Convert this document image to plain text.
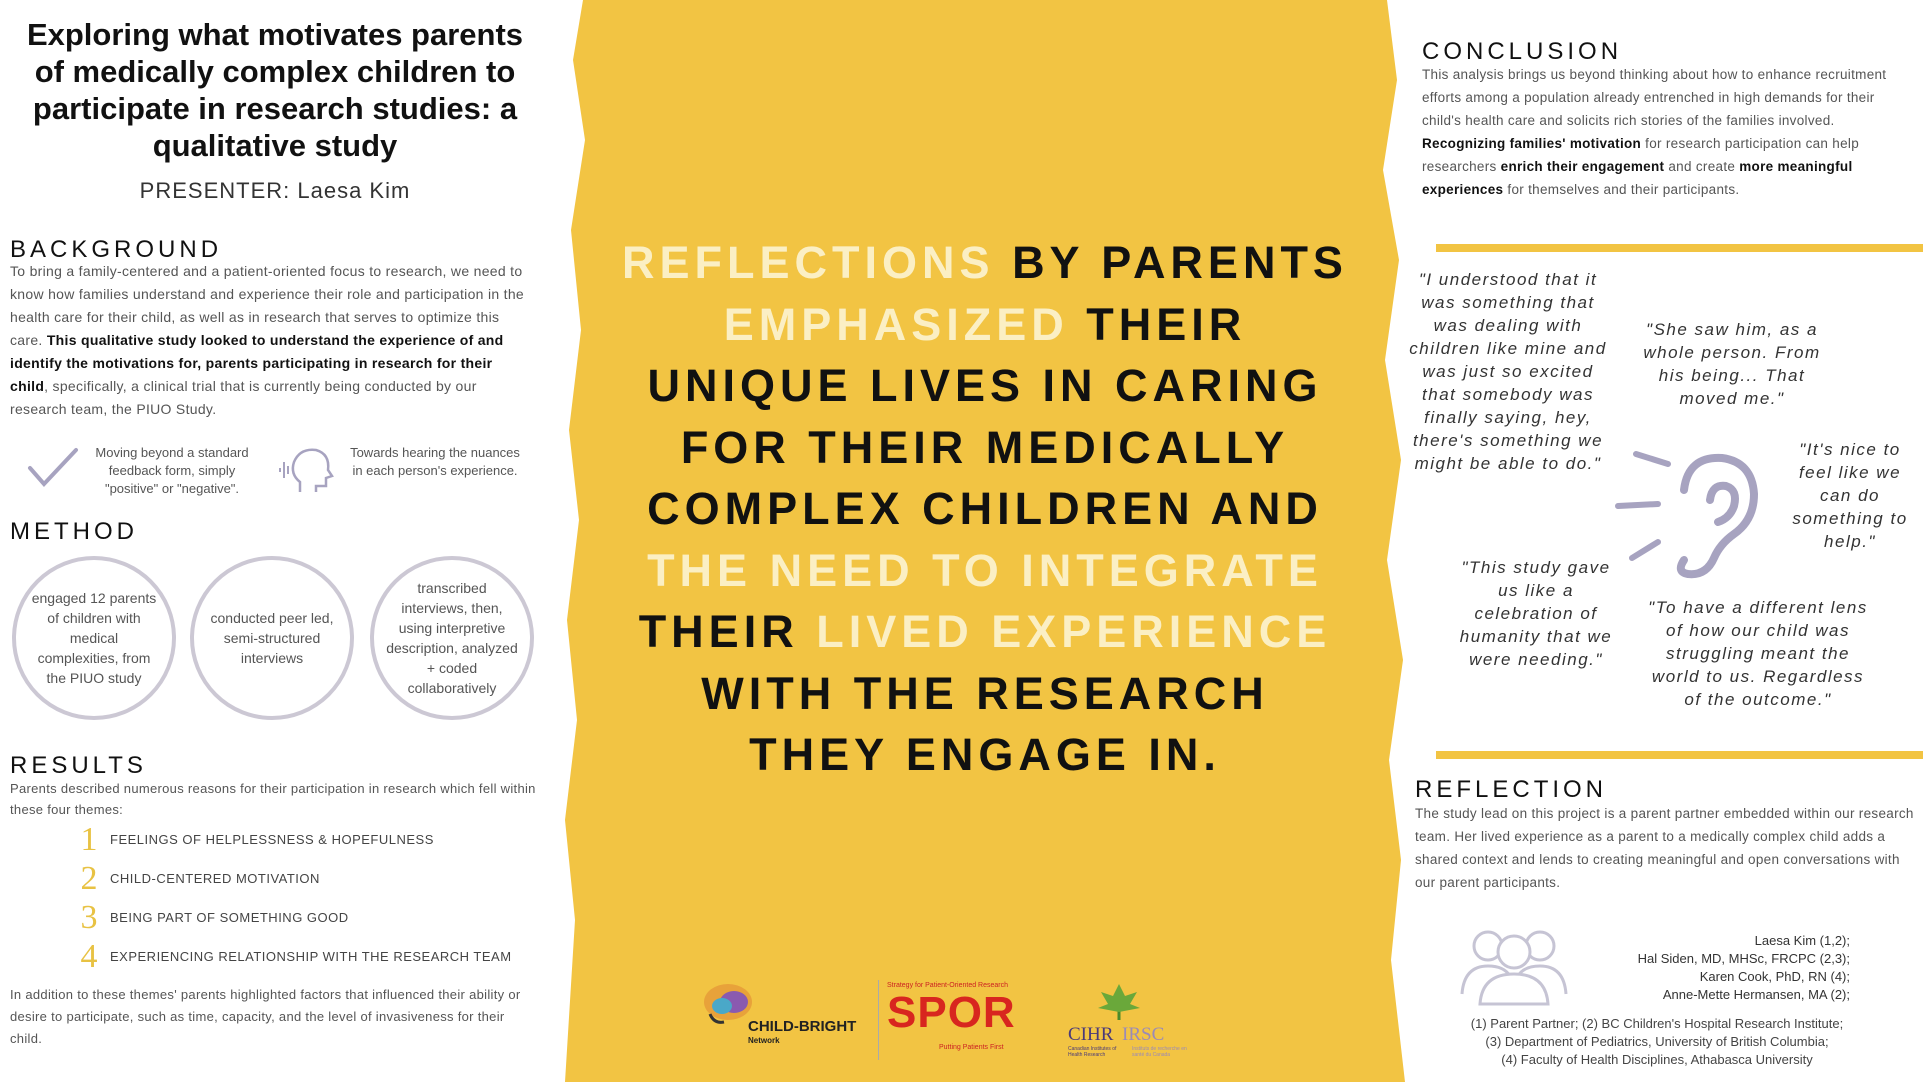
REFLECTIONS BY PARENTS
EMPHASIZED THEIR
UNIQUE LIVES IN CARING
FOR THEIR MEDICALLY
COMPLEX CHILDREN AND
THE NEED TO INTEGRATE
THEIR LIVED EXPERIENCE
WITH THE RESEARCH
THEY ENGAGE IN.
CHILD-BRIGHT
Network
Strategy for Patient-Oriented Research
SPOR
Putting Patients First
CIHR IRSC
Canadian Institutes of Health Research
Instituts de recherche en santé du Canada
Exploring what motivates parents of medically complex children to participate in research studies: a qualitative study
PRESENTER: Laesa Kim
BACKGROUND
To bring a family-centered and a patient-oriented focus to research, we need to know how families understand and experience their role and participation in the health care for their child, as well as in research that serves to optimize this care. This qualitative study looked to understand the experience of and identify the motivations for, parents participating in research for their child, specifically, a clinical trial that is currently being conducted by our research team, the PIUO Study.
Moving beyond a standard feedback form, simply "positive" or "negative".
Towards hearing the nuances in each person's experience.
METHOD
engaged 12 parents of children with medical complexities, from the PIUO study
conducted peer led, semi-structured interviews
transcribed interviews, then, using interpretive description, analyzed + coded collaboratively
RESULTS
Parents described numerous reasons for their participation in research which fell within these four themes:
1 FEELINGS OF HELPLESSNESS & HOPEFULNESS
2 CHILD-CENTERED MOTIVATION
3 BEING PART OF SOMETHING GOOD
4 EXPERIENCING RELATIONSHIP WITH THE RESEARCH TEAM
In addition to these themes' parents highlighted factors that influenced their ability or desire to participate, such as time, capacity, and the level of invasiveness for their child.
CONCLUSION
This analysis brings us beyond thinking about how to enhance recruitment efforts among a population already entrenched in high demands for their child's health care and solicits rich stories of the families involved. Recognizing families' motivation for research participation can help researchers enrich their engagement and create more meaningful experiences for themselves and their participants.
"I understood that it was something that was dealing with children like mine and was just so excited that somebody was finally saying, hey, there's something we might be able to do."
"She saw him, as a whole person. From his being... That moved me."
"It's nice to feel like we can do something to help."
"This study gave us like a celebration of humanity that we were needing."
"To have a different lens of how our child was struggling meant the world to us. Regardless of the outcome."
REFLECTION
The study lead on this project is a parent partner embedded within our research team. Her lived experience as a parent to a medically complex child adds a shared context and lends to creating meaningful and open conversations with our parent participants.
Laesa Kim (1,2);
Hal Siden, MD, MHSc, FRCPC (2,3);
Karen Cook, PhD, RN (4);
Anne-Mette Hermansen, MA (2);
(1) Parent Partner; (2) BC Children's Hospital Research Institute;
(3) Department of Pediatrics, University of British Columbia;
(4) Faculty of Health Disciplines, Athabasca University
